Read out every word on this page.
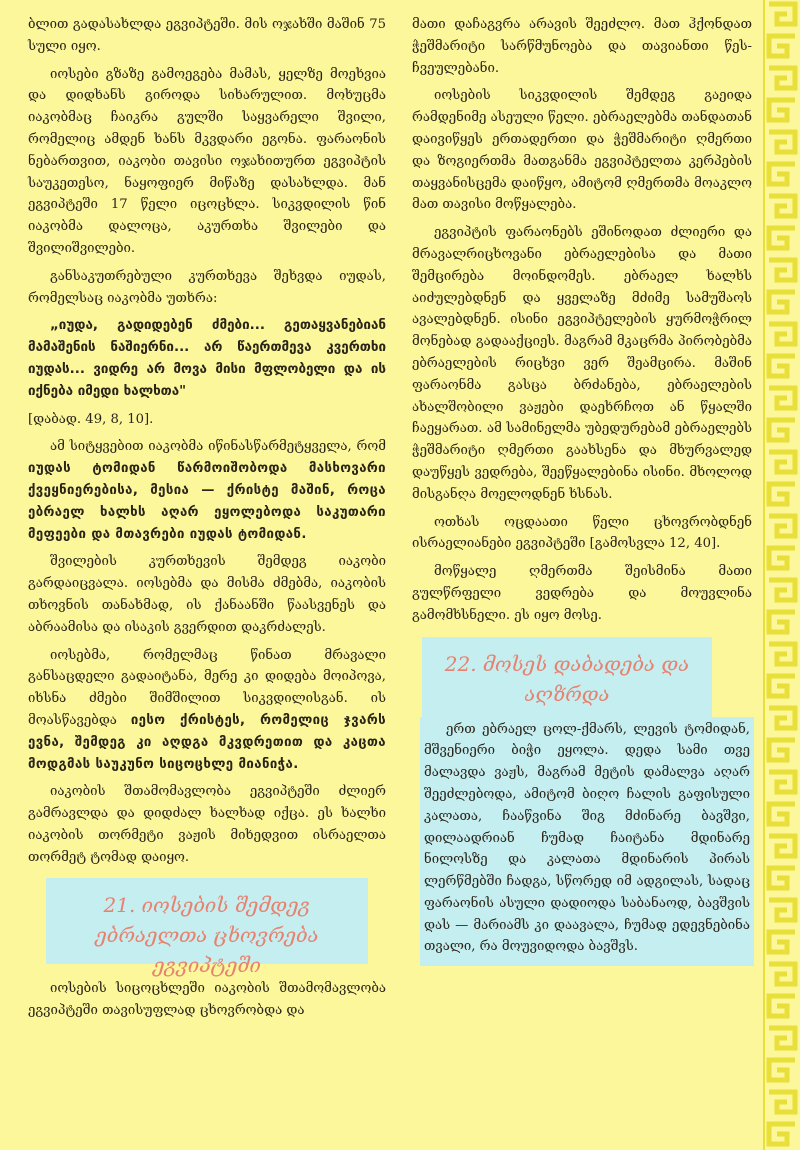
ბლით გადასახლდა ეგვიპტეში. მის ოჯახში მაშინ 75 სული იყო.

იოსები გზაზე გამოეგება მამას, ყელზე მოეხვია და დიდხანს გიროდა სიხარულით. მოხუცმა იაკობმაც ჩაიკრა გულში საყვარელი შვილი, რომელიც ამდენ ხანს მკვდარი ეგონა. ფარაონის ნებართვით, იაკობი თავისი ოჯახითურთ ეგვიპტის საუკეთესო, ნაყოფიერ მიწაზე დასახლდა. მან ეგვიპტეში 17 წელი იცოცხლა. სიკვდილის წინ იაკობმა დალოცა, აკურთხა შვილები და შვილიშვილები.

განსაკუთრებული კურთხევა შეხვდა იუდას, რომელსაც იაკობმა უთხრა:

„იუდა, გადიდებენ ძმები... გეთაყვანებიან მამაშენის ნაშიერნი... არ წაერთმევა კვერთხი იუდას... ვიდრე არ მოვა მისი მფლობელი და ის იქნება იმედი ხალხთა"

[დაბად. 49, 8, 10].

ამ სიტყვებით იაკობმა იწინასწარმეტყველა, რომ იუდას ტომიდან წარმოიშობოდა მასხოვარი ქვეყნიერებისა, მესია — ქრისტე მაშინ, როცა ებრაელ ხალხს აღარ ეყოლებოდა საკუთარი მეფეები და მთავრები იუდას ტომიდან.

შვილების კურთხევის შემდეგ იაკობი გარდაიცვალა. იოსებმა და მისმა ძმებმა, იაკობის თხოვნის თანახმად, ის ქანაანში წაასვენეს და აბრაამისა და ისაკის გვერდით დაკრძალეს.

იოსებმა, რომელმაც წინათ მრავალი განსაცდელი გადაიტანა, მერე კი დიდება მოიპოვა, იხსნა ძმები შიმშილით სიკვდილისგან. ის მოასწავებდა იესო ქრისტეს, რომელიც ჯვარს ევნა, შემდეგ კი აღდგა მკვდრეთით და კაცთა მოდგმას საუკუნო სიცოცხლე მიანიჭა.

იაკობის შთამომავლობა ეგვიპტეში ძლიერ გამრავლდა და დიდძალ ხალხად იქცა. ეს ხალხი იაკობის თორმეტი ვაჟის მიხედვით ისრაელთა თორმეტ ტომად დაიყო.

21. იოსების შემდეგ ებრაელთა ცხოვრება ეგვიპტეში

იოსების სიცოცხლეში იაკობის შთამომავლობა ეგვიპტეში თავისუფლად ცხოვრობდა და

მათი დაჩაგვრა არავის შეეძლო. მათ ჰქონდათ ჭეშმარიტი სარწმუნოება და თავიანთი წეს-ჩვეულებანი.

იოსების სიკვდილის შემდეგ გაეიდა რამდენიმე ასეული წელი. ებრაელებმა თანდათან დაივიწყეს ერთადერთი და ჭეშმარიტი ღმერთი და ზოგიერთმა მათგანმა ეგვიპტელთა კერპების თაყვანისცემა დაიწყო, ამიტომ ღმერთმა მოაკლო მათ თავისი მოწყალება.

ეგვიპტის ფარაონებს ეშინოდათ ძლიერი და მრავალრიცხოვანი ებრაელებისა და მათი შემცირება მოინდომეს. ებრაელ ხალხს აიძულებდნენ და ყველაზე მძიმე სამუშაოს ავალებდნენ. ისინი ეგვიპტელების ყურმოჭრილ მონებად გადააქციეს. მაგრამ მკაცრმა პირობებმა ებრაელების რიცხვი ვერ შეამცირა. მაშინ ფარაონმა გასცა ბრძანება, ებრაელების ახალშობილი ვაჟები დაეხრჩოთ ან წყალში ჩაეყარათ. ამ სამინელმა უბედურებამ ებრაელებს ჭეშმარიტი ღმერთი გაახსენა და მხურვალედ დაუწყეს ვედრება, შეეწყალებინა ისინი. მხოლოდ მისგანღა მოელოდნენ ხსნას.

ოთხას ოცდაათი წელი ცხოვრობდნენ ისრაელიანები ეგვიპტეში [გამოსვლა 12, 40].

მოწყალე ღმერთმა შეისმინა მათი გულწრფელი ვედრება და მოუვლინა გამომხსნელი. ეს იყო მოსე.

22. მოსეს დაბადება და აღზრდა

ერთ ებრაელ ცოლ-ქმარს, ლევის ტომიდან, მშვენიერი ბიჭი ეყოლა. დედა სამი თვე მალავდა ვაჟს, მაგრამ მეტის დამალვა აღარ შეეძლებოდა, ამიტომ ბიღო ჩალის გაფისული კალათა, ჩააწვინა შიგ მძინარე ბავშვი, დილაადრიან ჩუმად ჩაიტანა მდინარე ნილოსზე და კალათა მდინარის პირას ლერწმებში ჩადგა, სწორედ იმ ადგილას, სადაც ფარაონის ასული დადიოდა საბანაოდ, ბავშვის დას — მარიამს კი დაავალა, ჩუმად ედევნებინა თვალი, რა მოუვიდოდა ბავშვს.
